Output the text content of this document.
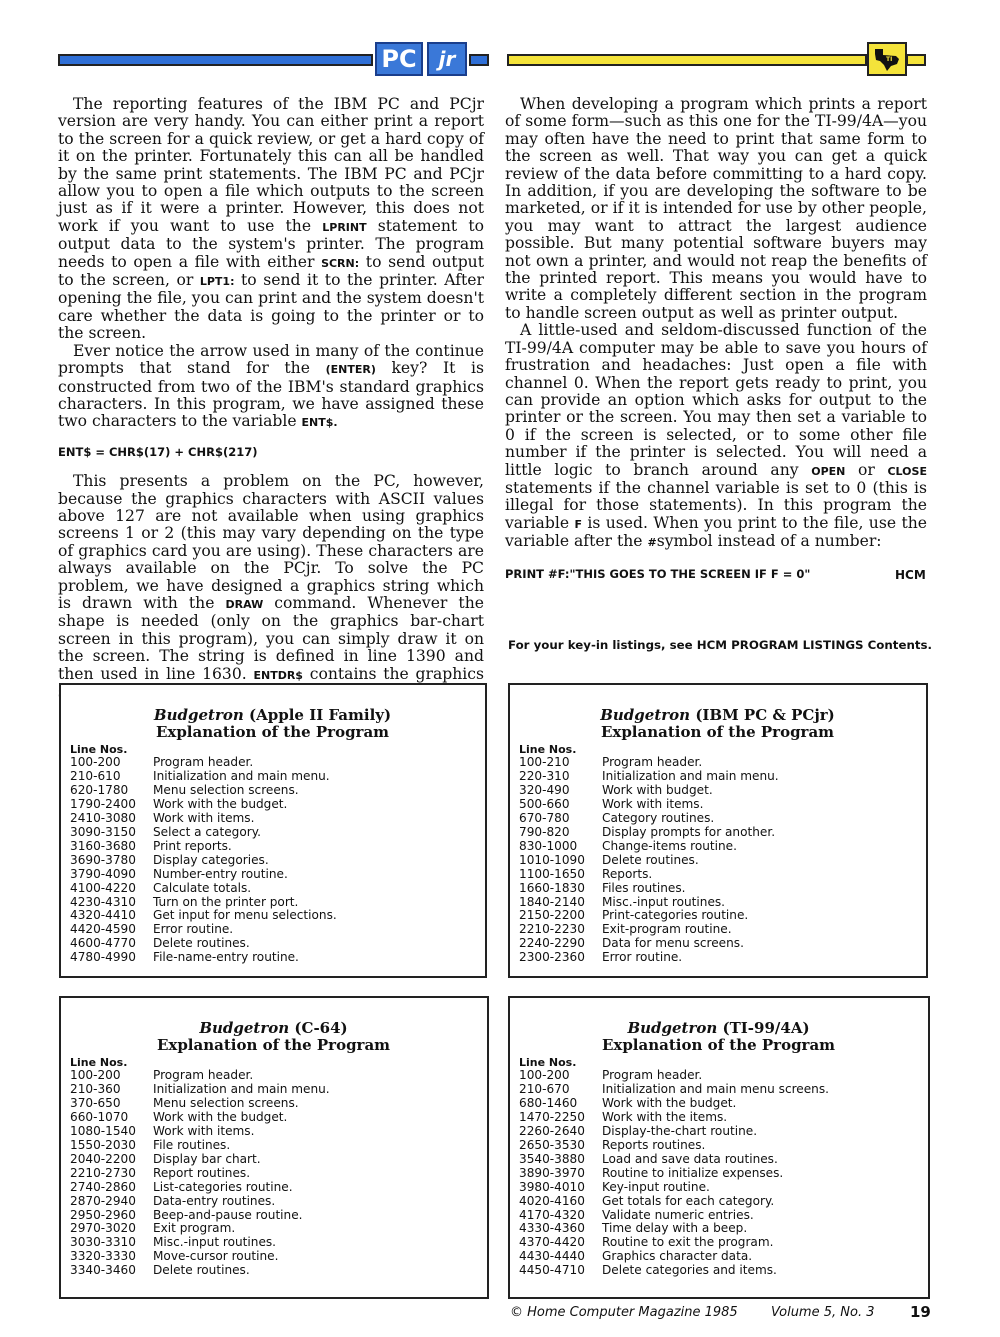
PC jr	TI

The reporting features of the IBM PC and PCjr version are very handy. You can either print a report to the screen for a quick review, or get a hard copy of it on the printer. Fortunately this can all be handled by the same print statements. The IBM PC and PCjr allow you to open a file which outputs to the screen just as if it were a printer. However, this does not work if you want to use the LPRINT statement to output data to the system's printer. The program needs to open a file with either SCRN: to send output to the screen, or LPT1: to send it to the printer. After opening the file, you can print and the system doesn't care whether the data is going to the printer or to the screen.

Ever notice the arrow used in many of the continue prompts that stand for the (ENTER) key? It is constructed from two of the IBM's standard graphics characters. In this program, we have assigned these two characters to the variable ENT$.

ENT$ = CHR$(17) + CHR$(217)

This presents a problem on the PC, however, because the graphics characters with ASCII values above 127 are not available when using graphics screens 1 or 2 (this may vary depending on the type of graphics card you are using). These characters are always available on the PCjr. To solve the PC problem, we have designed a graphics string which is drawn with the DRAW command. Whenever the shape is needed (only on the graphics bar-chart screen in this program), you can simply draw it on the screen. The string is defined in line 1390 and then used in line 1630. ENTDR$ contains the graphics

When developing a program which prints a report of some form—such as this one for the TI-99/4A—you may often have the need to print that same form to the screen as well. That way you can get a quick review of the data before committing to a hard copy. In addition, if you are developing the software to be marketed, or if it is intended for use by other people, you may want to attract the largest audience possible. But many potential software buyers may not own a printer, and would not reap the benefits of the printed report. This means you would have to write a completely different section in the program to handle screen output as well as printer output.

A little-used and seldom-discussed function of the TI-99/4A computer may be able to save you hours of frustration and headaches: Just open a file with channel 0. When the report gets ready to print, you can provide an option which asks for output to the printer or the screen. You may then set a variable to 0 if the screen is selected, or to some other file number if the printer is selected. You will need a little logic to branch around any OPEN or CLOSE statements if the channel variable is set to 0 (this is illegal for those statements). In this program the variable F is used. When you print to the file, use the variable after the #symbol instead of a number:

PRINT #F:"THIS GOES TO THE SCREEN IF F = 0"	HCM
For your key-in listings, see HCM PROGRAM LISTINGS Contents.
Budgetron (Apple II Family)
Explanation of the Program
Line Nos.
100-200	Program header.
210-610	Initialization and main menu.
620-1780	Menu selection screens.
1790-2400	Work with the budget.
2410-3080	Work with items.
3090-3150	Select a category.
3160-3680	Print reports.
3690-3780	Display categories.
3790-4090	Number-entry routine.
4100-4220	Calculate totals.
4230-4310	Turn on the printer port.
4320-4410	Get input for menu selections.
4420-4590	Error routine.
4600-4770	Delete routines.
4780-4990	File-name-entry routine.
Budgetron (IBM PC & PCjr)
Explanation of the Program
Line Nos.
100-210	Program header.
220-310	Initialization and main menu.
320-490	Work with budget.
500-660	Work with items.
670-780	Category routines.
790-820	Display prompts for another.
830-1000	Change-items routine.
1010-1090	Delete routines.
1100-1650	Reports.
1660-1830	Files routines.
1840-2140	Misc.-input routines.
2150-2200	Print-categories routine.
2210-2230	Exit-program routine.
2240-2290	Data for menu screens.
2300-2360	Error routine.
Budgetron (C-64)
Explanation of the Program
Line Nos.
100-200	Program header.
210-360	Initialization and main menu.
370-650	Menu selection screens.
660-1070	Work with the budget.
1080-1540	Work with items.
1550-2030	File routines.
2040-2200	Display bar chart.
2210-2730	Report routines.
2740-2860	List-categories routine.
2870-2940	Data-entry routines.
2950-2960	Beep-and-pause routine.
2970-3020	Exit program.
3030-3310	Misc.-input routines.
3320-3330	Move-cursor routine.
3340-3460	Delete routines.
Budgetron (TI-99/4A)
Explanation of the Program
Line Nos.
100-200	Program header.
210-670	Initialization and main menu screens.
680-1460	Work with the budget.
1470-2250	Work with the items.
2260-2640	Display-the-chart routine.
2650-3530	Reports routines.
3540-3880	Load and save data routines.
3890-3970	Routine to initialize expenses.
3980-4010	Key-input routine.
4020-4160	Get totals for each category.
4170-4320	Validate numeric entries.
4330-4360	Time delay with a beep.
4370-4420	Routine to exit the program.
4430-4440	Graphics character data.
4450-4710	Delete categories and items.
© Home Computer Magazine 1985	Volume 5, No. 3 19
